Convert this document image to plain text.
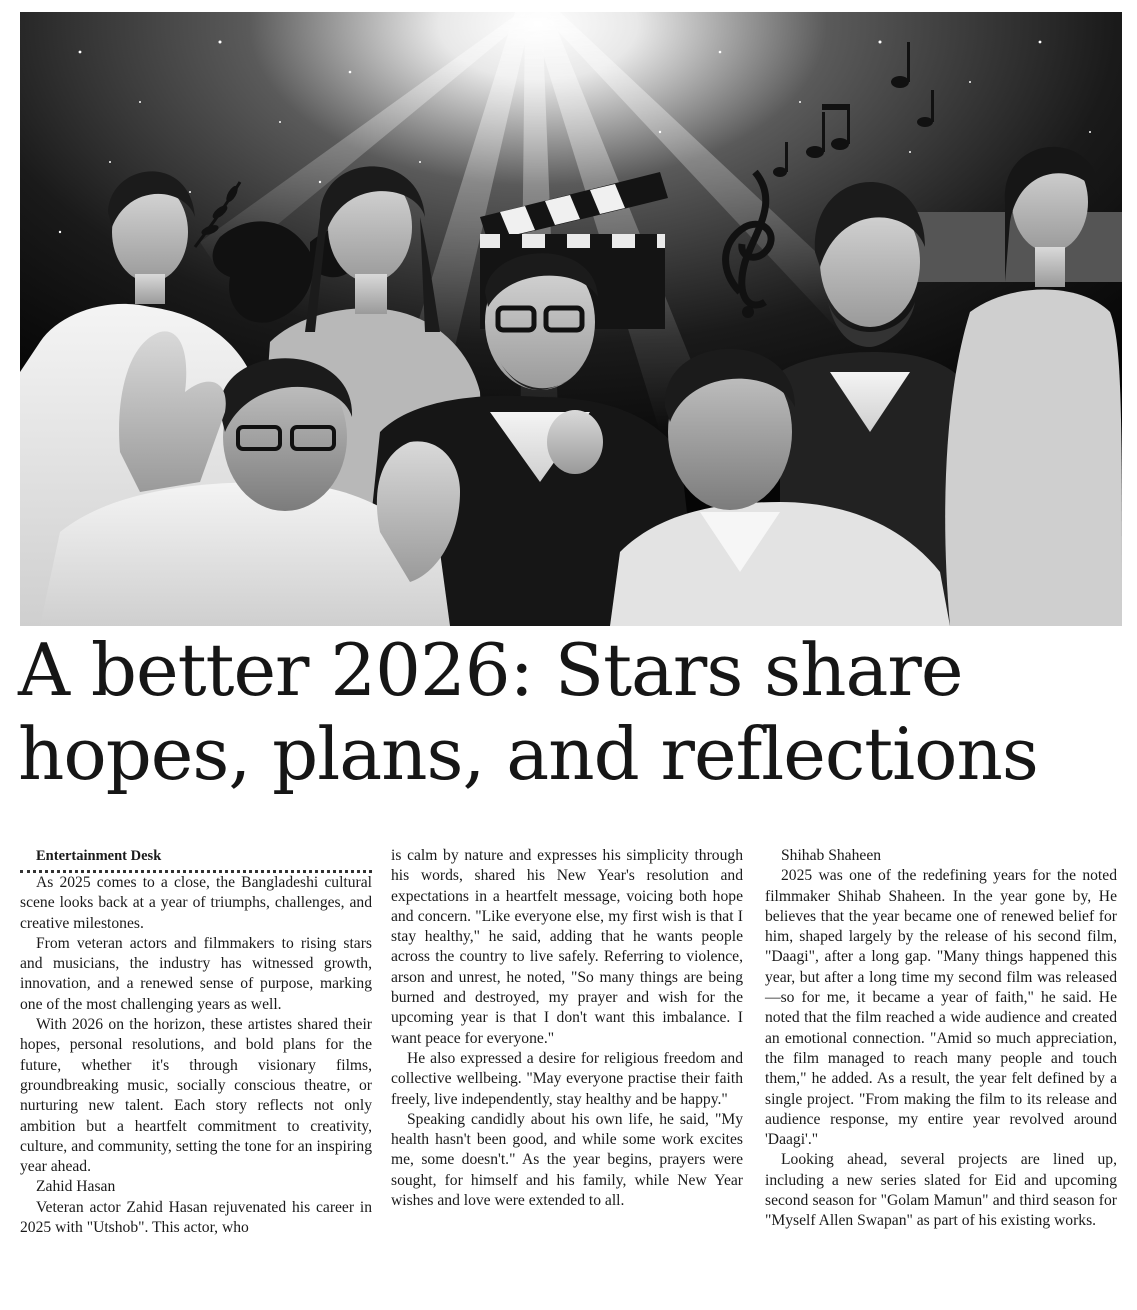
A better 2026: Stars share
hopes, plans, and reflections

Entertainment Desk

As 2025 comes to a close, the Bangladeshi cultural scene looks back at a year of triumphs, challenges, and creative milestones.

From veteran actors and filmmakers to rising stars and musicians, the industry has witnessed growth, innovation, and a renewed sense of purpose, marking one of the most challenging years as well.

With 2026 on the horizon, these artistes shared their hopes, personal resolutions, and bold plans for the future, whether it's through visionary films, groundbreaking music, socially conscious theatre, or nurturing new talent. Each story reflects not only ambition but a heartfelt commitment to creativity, culture, and community, setting the tone for an inspiring year ahead.

Zahid Hasan

Veteran actor Zahid Hasan rejuvenated his career in 2025 with "Utshob". This actor, who

is calm by nature and expresses his simplicity through his words, shared his New Year's resolution and expectations in a heartfelt message, voicing both hope and concern. "Like everyone else, my first wish is that I stay healthy," he said, adding that he wants people across the country to live safely. Referring to violence, arson and unrest, he noted, "So many things are being burned and destroyed, my prayer and wish for the upcoming year is that I don't want this imbalance. I want peace for everyone."

He also expressed a desire for religious freedom and collective wellbeing. "May everyone practise their faith freely, live independently, stay healthy and be happy."

Speaking candidly about his own life, he said, "My health hasn't been good, and while some work excites me, some doesn't." As the year begins, prayers were sought, for himself and his family, while New Year wishes and love were extended to all.

Shihab Shaheen

2025 was one of the redefining years for the noted filmmaker Shihab Shaheen. In the year gone by, He believes that the year became one of renewed belief for him, shaped largely by the release of his second film, "Daagi", after a long gap. "Many things happened this year, but after a long time my second film was released—so for me, it became a year of faith," he said. He noted that the film reached a wide audience and created an emotional connection. "Amid so much appreciation, the film managed to reach many people and touch them," he added. As a result, the year felt defined by a single project. "From making the film to its release and audience response, my entire year revolved around 'Daagi'."

Looking ahead, several projects are lined up, including a new series slated for Eid and upcoming second season for "Golam Mamun" and third season for "Myself Allen Swapan" as part of his existing works.
